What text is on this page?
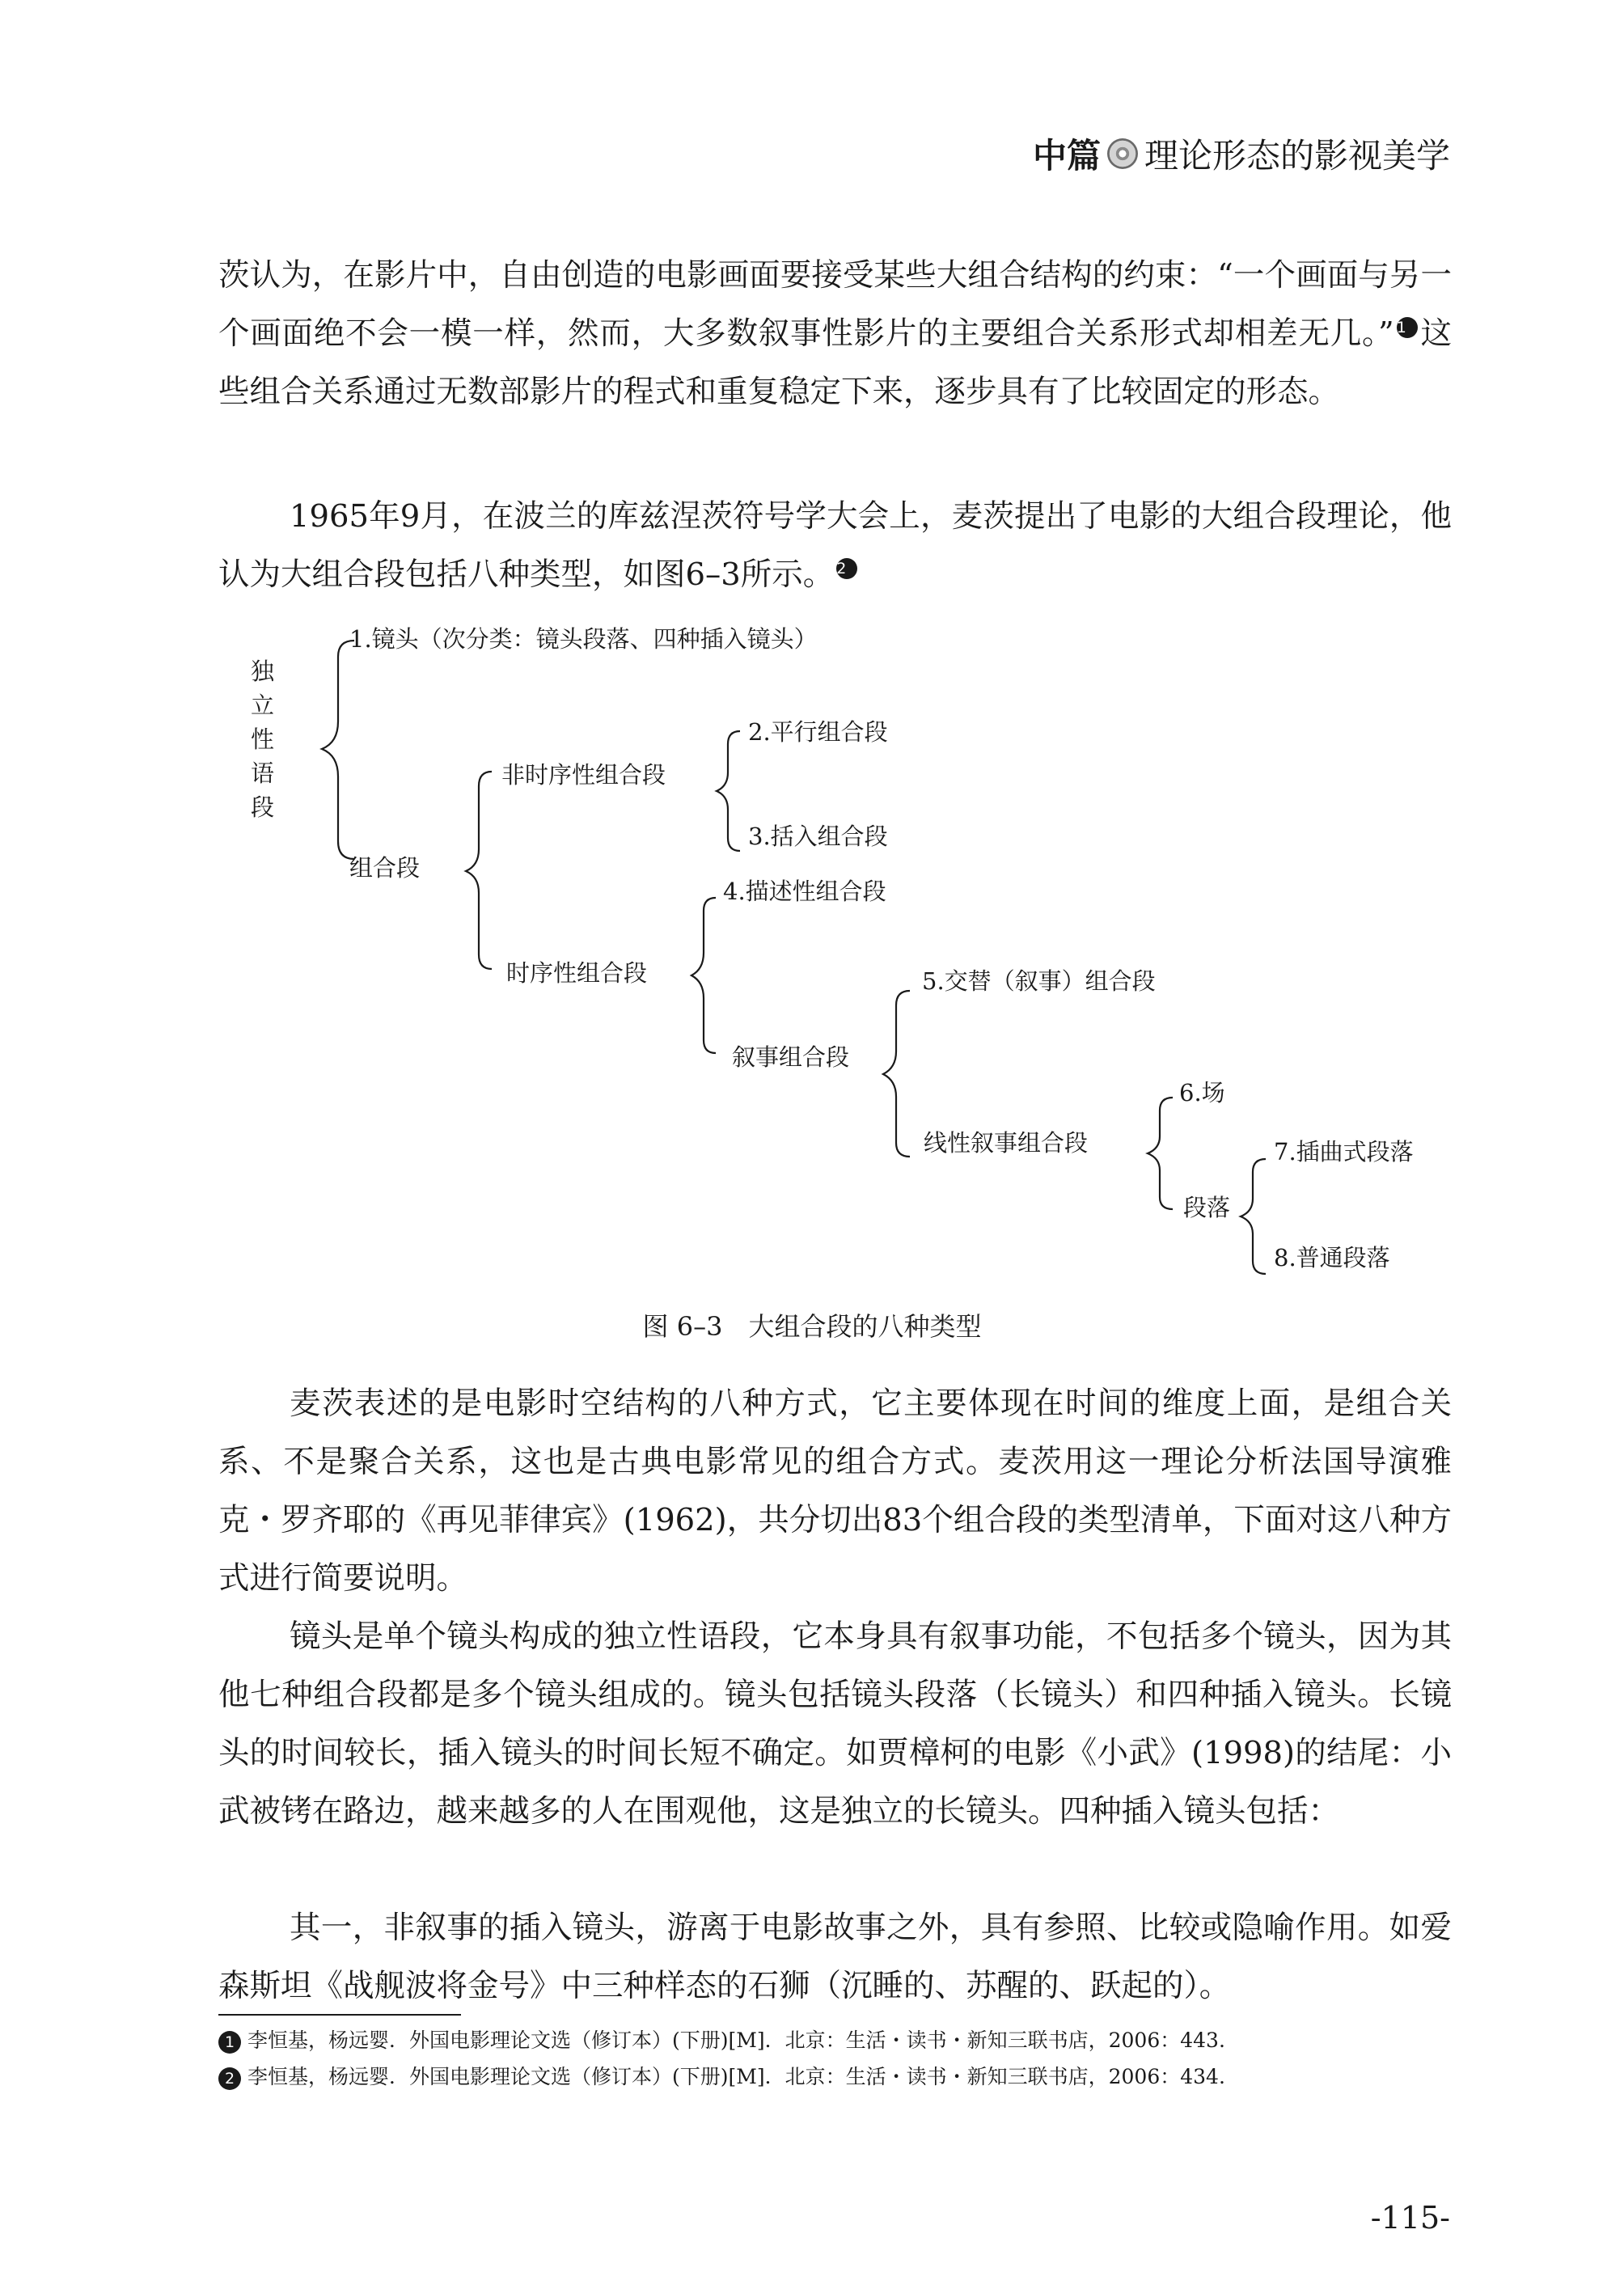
中篇 理论形态的影视美学

茨认为，在影片中，自由创造的电影画面要接受某些大组合结构的约束：“一个画面与另一个画面绝不会一模一样，然而，大多数叙事性影片的主要组合关系形式却相差无几。” 1 这些组合关系通过无数部影片的程式和重复稳定下来，逐步具有了比较固定的形态。

1965年9月，在波兰的库兹涅茨符号学大会上，麦茨提出了电影的大组合段理论，他认为大组合段包括八种类型，如图6–3所示。 2

独
立
性
语
段
1.镜头（次分类：镜头段落、四种插入镜头）
组合段
非时序性组合段
2.平行组合段
3.括入组合段
时序性组合段
4.描述性组合段
叙事组合段
5.交替（叙事）组合段
线性叙事组合段
6.场
段落
7.插曲式段落
8.普通段落
图 6–3　大组合段的八种类型

麦茨表述的是电影时空结构的八种方式，它主要体现在时间的维度上面，是组合关系、不是聚合关系，这也是古典电影常见的组合方式。麦茨用这一理论分析法国导演雅克・罗齐耶的《再见菲律宾》(1962)，共分切出83个组合段的类型清单，下面对这八种方式进行简要说明。

镜头是单个镜头构成的独立性语段，它本身具有叙事功能，不包括多个镜头，因为其他七种组合段都是多个镜头组成的。镜头包括镜头段落（长镜头）和四种插入镜头。长镜头的时间较长，插入镜头的时间长短不确定。如贾樟柯的电影《小武》(1998)的结尾：小武被铐在路边，越来越多的人在围观他，这是独立的长镜头。四种插入镜头包括：

其一，非叙事的插入镜头，游离于电影故事之外，具有参照、比较或隐喻作用。如爱森斯坦《战舰波将金号》中三种样态的石狮（沉睡的、苏醒的、跃起的）。

1 李恒基，杨远婴．外国电影理论文选（修订本）(下册)[M]．北京：生活・读书・新知三联书店，2006：443.
2 李恒基，杨远婴．外国电影理论文选（修订本）(下册)[M]．北京：生活・读书・新知三联书店，2006：434.
-115-
